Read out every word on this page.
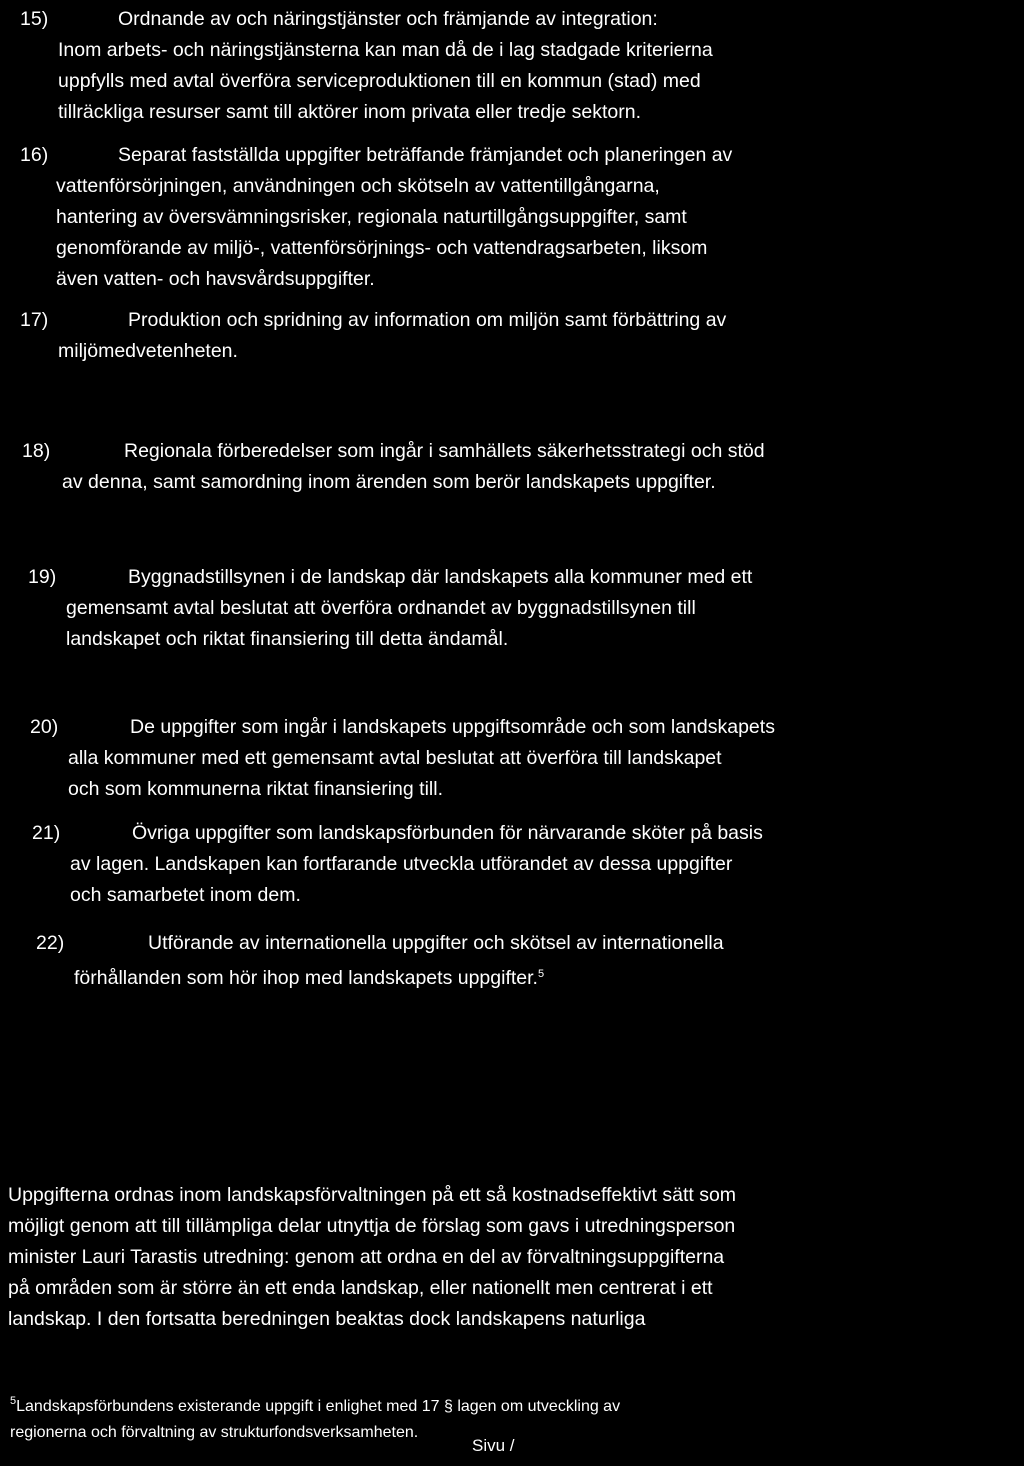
15)	Ordnande av och näringstjänster och främjande av integration:
Inom arbets- och näringstjänsterna kan man då de i lag stadgade kriterierna
uppfylls med avtal överföra serviceproduktionen till en kommun (stad) med
tillräckliga resurser samt till aktörer inom privata eller tredje sektorn.
16)	Separat fastställda uppgifter beträffande främjandet och planeringen av
vattenförsörjningen, användningen och skötseln av vattentillgångarna,
hantering av översvämningsrisker, regionala naturtillgångsuppgifter, samt
genomförande av miljö-, vattenförsörjnings- och vattendragsarbeten, liksom
även vatten- och havsvårdsuppgifter.
17)	Produktion och spridning av information om miljön samt förbättring av
miljömedvetenheten.
18)	Regionala förberedelser som ingår i samhällets säkerhetsstrategi och stöd
av denna, samt samordning inom ärenden som berör landskapets uppgifter.
19)	Byggnadstillsynen i de landskap där landskapets alla kommuner med ett
gemensamt avtal beslutat att överföra ordnandet av byggnadstillsynen till
landskapet och riktat finansiering till detta ändamål.
20)	De uppgifter som ingår i landskapets uppgiftsområde och som landskapets
alla kommuner med ett gemensamt avtal beslutat att överföra till landskapet
och som kommunerna riktat finansiering till.
21)	Övriga uppgifter som landskapsförbunden för närvarande sköter på basis
av lagen. Landskapen kan fortfarande utveckla utförandet av dessa uppgifter
och samarbetet inom dem.
22)	Utförande av internationella uppgifter och skötsel av internationella
förhållanden som hör ihop med landskapets uppgifter.$^5$
Uppgifterna ordnas inom landskapsförvaltningen på ett så kostnadseffektivt sätt som
möjligt genom att till tillämpliga delar utnyttja de förslag som gavs i utredningsperson
minister Lauri Tarastis utredning: genom att ordna en del av förvaltningsuppgifterna
på områden som är större än ett enda landskap, eller nationellt men centrerat i ett
landskap. I den fortsatta beredningen beaktas dock landskapens naturliga

$^5$Landskapsförbundens existerande uppgift i enlighet med 17 § lagen om utveckling av
regionerna och förvaltning av strukturfondsverksamheten.

Sivu /
